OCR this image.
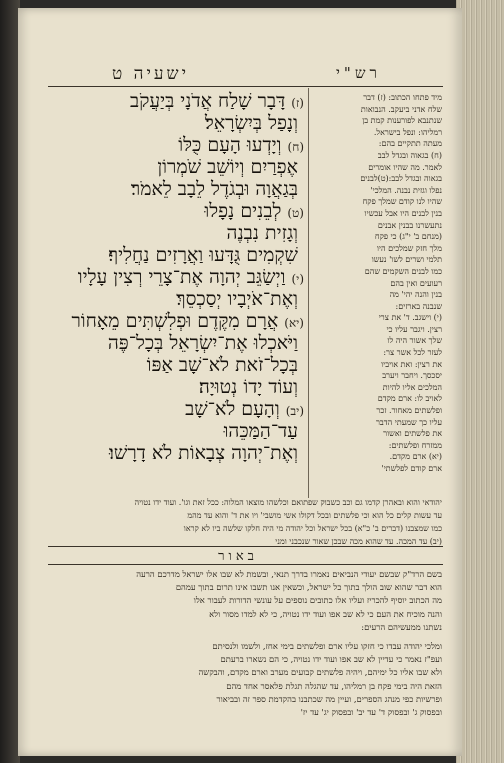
ישעיה ט	רש"י
(ז)דָּבָר שָׁלַח אֲדֹנָי בְּיַעֲקֹב
וְנָפַל בְּיִשְׂרָאֵל׃
(ח)וְיָדְעוּ הָעָם כֻּלּוֹ
אֶפְרַיִם וְיוֹשֵׁב שֹׁמְרוֹן
בְּגַאֲוָה וּבְגֹדֶל לֵבָב לֵאמֹר׃
(ט)לְבֵנִים נָפָלוּ
וְגָזִית נִבְנֶה
שִׁקְמִים גֻּדָּעוּ וַאֲרָזִים נַחֲלִיף׃
(י)וַיְשַׂגֵּב יְהוָה אֶת־צָרֵי רְצִין עָלָיו
וְאֶת־אֹיְבָיו יְסַכְסֵךְ׃
(יא)אֲרָם מִקֶּדֶם וּפְלִשְׁתִּים מֵאָחוֹר
וַיֹּאכְלוּ אֶת־יִשְׂרָאֵל בְּכָל־פֶּה
בְּכָל־זֹאת לֹא־שָׁב אַפּוֹ
וְעוֹד יָדוֹ נְטוּיָה׃
(יב)וְהָעָם לֹא־שָׁב
עַד־הַמַּכֵּהוּ
וְאֶת־יְהוָה צְבָאוֹת לֹא דָרָשׁוּ׃
מיד פתחו הכתוב: (ז) דבר
שלח אדני ביעקב. הנבואות
שנתנבא לפורענות קמת בן
רמליהו: ונפל בישראל.
מעתה תתקיים בהם:
(ח) בגאוה ובגדל לבב
לאמר. מה שהיו אומרים
בגאוה ובגדל לבב:(ט)לבנים
נפלו וגזית נבנה. המלכי'
שהיו לנו קודם שמלך פקח
בנין לבנים היו אבל עכשיו
נתעשרנו בבנין אבנים
(מנחם ב' י"ג) כי פקח
מלך חזק שמלכים היו
תלמי ושרים לשו' נעשו
כמו לבנים השקמים שהם
רעועים ואין בהם
בנין והנה יהי' מה
שנבנה בארזים:
(י) וישגב. ד' את צרי
רצין. ויגבר עליו כי
שלך אשור היה לו
לעזר לכל אשר צר:
את רצין: ואת אויביו
יסכסך. ויחבר ויערב
המלכים אליו להיות
לאויב לו: ארם מקדם
ופלשתים מאחור. זכר
עליו כך שמעתי הדבר
את פלשתים ואשור
ממזרח ופלשתים:
(יא) ארם מקדם.
ארם קודם לפלשתי'
יהודאי והוא ובאהרן קדמו גם וכב כשבוק שפתואם וכלשהו מוצאו המלוה: ככל זאת וגו'. ועוד ידו נטויה
עד עשות קלים כל הוא וכי פלשתים ובכל דקולו אשי מושבי' ויו את ד' והוא עד מהמ
כמו שמצבנו (דברים ב' כ"א) בכל ישראל וכל יהודה מי היה חלקו שלשה ביו לא קראו
(יב) עד המכה. עד שהוא מכה שבכן שאור שנכבני ומני
באור
בשם הרד"ק שבשם יעודי הנביאים נאמרו בדרך תנאי, ובשמת לא שבו אלו ישראל מדרכם הרעה
הוא דבר שהוא שוב הולך בתוך כל ישראל, וכשאין אנו תשבו אינו תרום בתוך עמהם
מה הכתוב יוסיף להכריז ועליו אלו כתובים נוספים על עונשי הדורות לעבור אלו
והנה מוכיח את העם כי לא שב אפו ועוד ידו נטויה, כי לא למדו מסור ולא
נשתנו ממעשיהם הרעים:
ומלכי יהודה עבדו כי חזקו עליו ארם ופלשתים בימי אחז, ולשמו ולנסיתם
ועפ"ז נאמר כי עדיין לא שב אפו ועוד ידו נטויה, כי הם נשארו ברעתם
ולא שבו אליו כל ימיהם, ויהיה פלשתים קבועים מערב וארם מקדם, והבקשה
הזאת היה בימי פקח בן רמליהו, עד שהגלה תגלת פלאסר אחד מהם
ופרשיות כפי מנהג הספרים, ועיין מה שכתבנו בהקדמת ספר זה ובביאור
ובפסוק ג' ובפסוק ד' עד יב' ובפסוק יג' עד יז'
